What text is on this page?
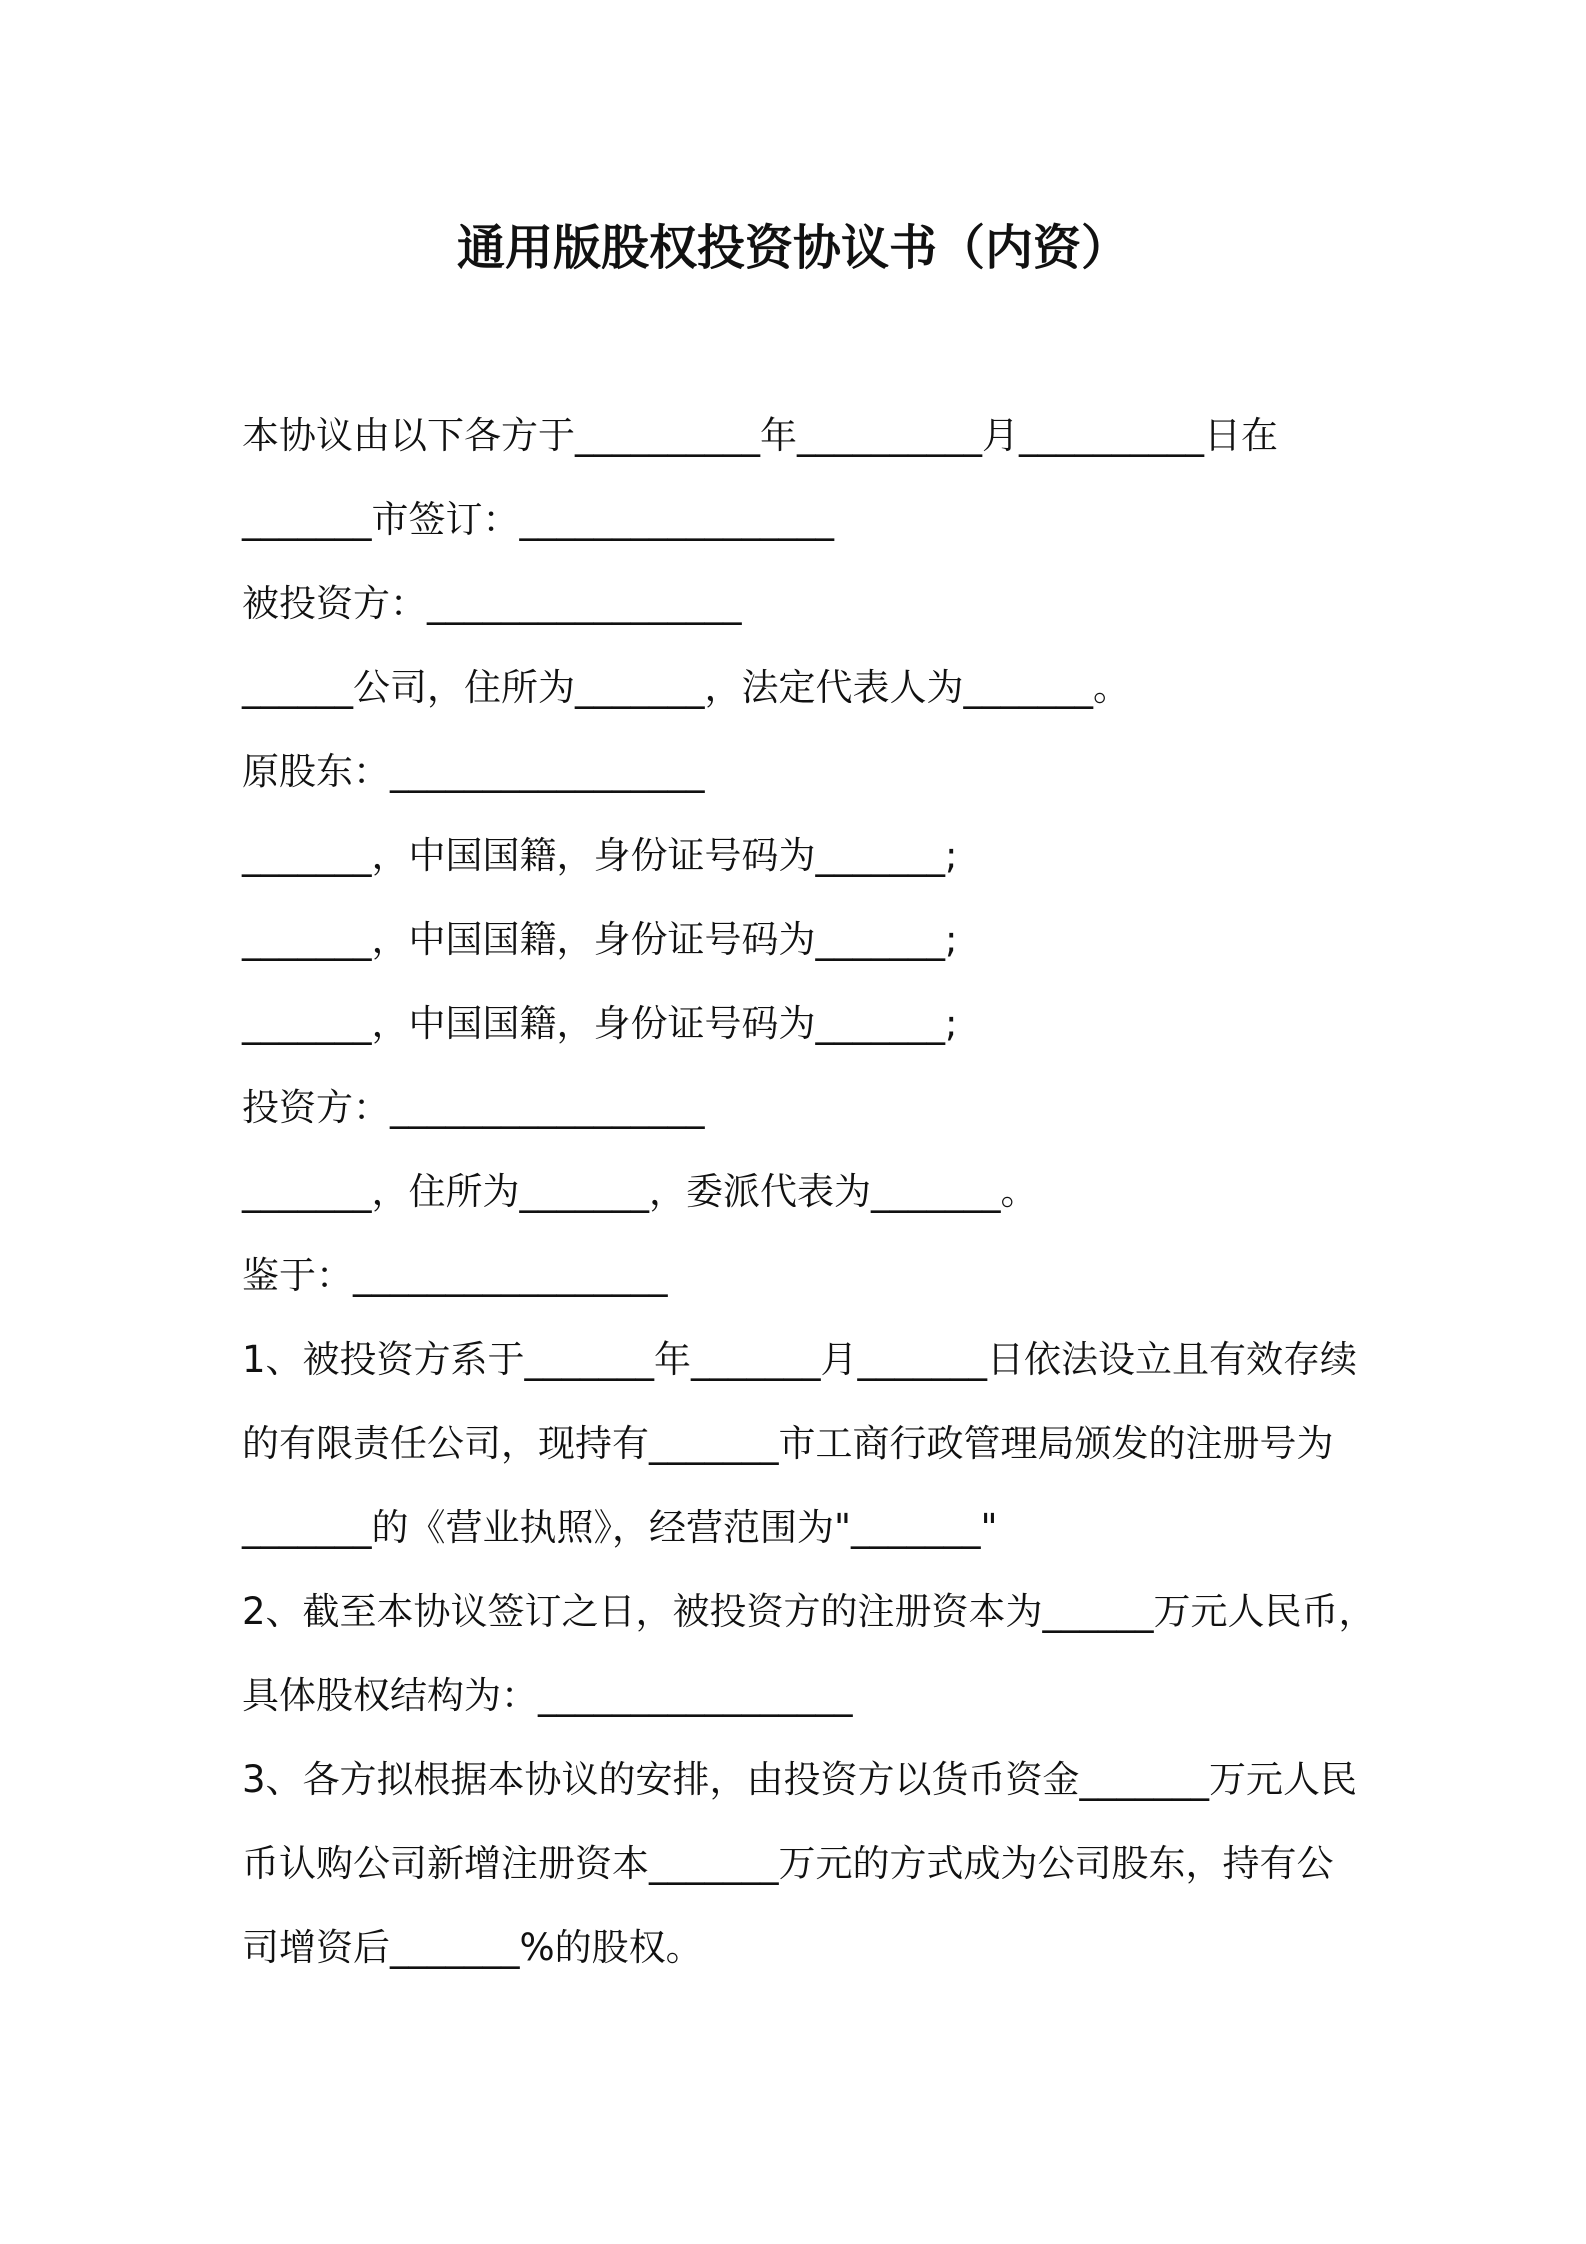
通用版股权投资协议书（内资）
本协议由以下各方于__________年__________月__________日在
_______市签订：_________________
被投资方：_________________
______公司，住所为_______，法定代表人为_______。
原股东：_________________
_______，中国国籍，身份证号码为_______;
_______，中国国籍，身份证号码为_______;
_______，中国国籍，身份证号码为_______;
投资方：_________________
_______，住所为_______，委派代表为_______。
鉴于：_________________
1、被投资方系于_______年_______月_______日依法设立且有效存续
的有限责任公司，现持有_______市工商行政管理局颁发的注册号为
_______的《营业执照》，经营范围为"_______"
2、截至本协议签订之日，被投资方的注册资本为______万元人民币，
具体股权结构为：_________________
3、各方拟根据本协议的安排，由投资方以货币资金_______万元人民
币认购公司新增注册资本_______万元的方式成为公司股东，持有公
司增资后_______%的股权。
